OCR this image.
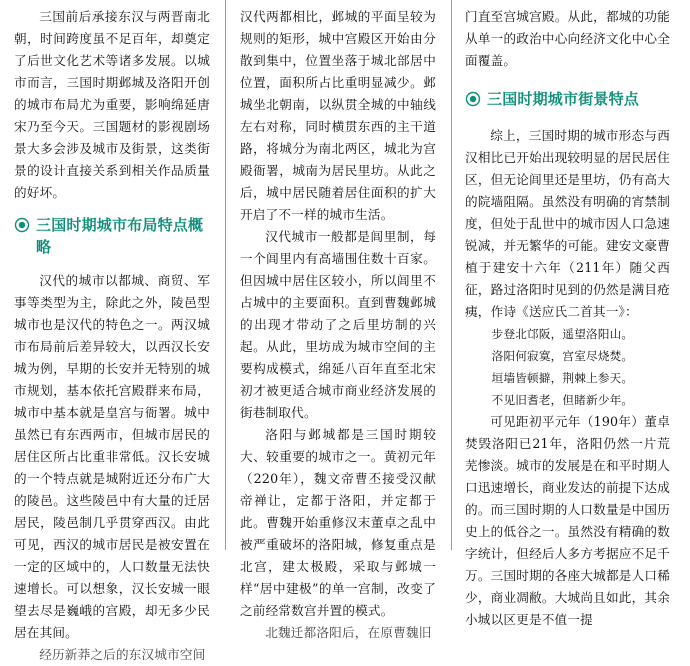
三国前后承接东汉与两晋南北朝，时间跨度虽不足百年，却奠定了后世文化艺术等诸多发展。以城市而言，三国时期邺城及洛阳开创的城市布局尤为重要，影响绵延唐宋乃至今天。三国题材的影视剧场景大多会涉及城市及街景，这类街景的设计直接关系到相关作品质量的好坏。

三国时期城市布局特点概略

汉代的城市以都城、商贸、军事等类型为主，除此之外，陵邑型城市也是汉代的特色之一。两汉城市布局前后差异较大，以西汉长安城为例，早期的长安并无特别的城市规划，基本依托宫殿群来布局，城市中基本就是皇宫与衙署。城中虽然已有东西两市，但城市居民的居住区所占比重非常低。汉长安城的一个特点就是城附近还分布广大的陵邑。这些陵邑中有大量的迁居居民，陵邑制几乎贯穿西汉。由此可见，西汉的城市居民是被安置在一定的区域中的，人口数量无法快速增长。可以想象，汉长安城一眼望去尽是巍峨的宫殿，却无多少民居在其间。

经历新莽之后的东汉城市空间

汉代两都相比，邺城的平面呈较为规则的矩形，城中宫殿区开始由分散到集中，位置坐落于城北部居中位置，面积所占比重明显减少。邺城坐北朝南，以纵贯全城的中轴线左右对称，同时横贯东西的主干道路，将城分为南北两区，城北为宫殿衙署，城南为居民里坊。从此之后，城中居民随着居住面积的扩大开启了不一样的城市生活。

汉代城市一般都是闾里制，每一个闾里内有高墙围住数十百家。但因城中居住区较小，所以闾里不占城中的主要面积。直到曹魏邺城的出现才带动了之后里坊制的兴起。从此，里坊成为城市空间的主要构成模式，绵延八百年直至北宋初才被更适合城市商业经济发展的街巷制取代。

洛阳与邺城都是三国时期较大、较重要的城市之一。黄初元年（220年），魏文帝曹丕接受汉献帝禅让，定都于洛阳，并定都于此。曹魏开始重修汉末董卓之乱中被严重破坏的洛阳城，修复重点是北宫，建太极殿，采取与邺城一样“居中建极”的单一宫制，改变了之前经常数宫并置的模式。

北魏迁都洛阳后，在原曹魏旧

门直至宫城宫殿。从此，都城的功能从单一的政治中心向经济文化中心全面覆盖。

三国时期城市街景特点

综上，三国时期的城市形态与西汉相比已开始出现较明显的居民居住区，但无论闾里还是里坊，仍有高大的院墙阻隔。虽然没有明确的宵禁制度，但处于乱世中的城市因人口急速锐减，并无繁华的可能。建安文豪曹植于建安十六年（211年）随父西征，路过洛阳时见到的仍然是满目疮痍，作诗《送应氏二首其一》：

步登北邙阪，遥望洛阳山。

洛阳何寂寞，宫室尽烧焚。

垣墙皆顿擗，荆棘上参天。

不见旧耆老，但睹新少年。

可见距初平元年（190年）董卓焚毁洛阳已21年，洛阳仍然一片荒芜惨淡。城市的发展是在和平时期人口迅速增长，商业发达的前提下达成的。而三国时期的人口数量是中国历史上的低谷之一。虽然没有精确的数字统计，但经后人多方考据应不足千万。三国时期的各座大城都是人口稀少，商业凋敝。大城尚且如此，其余小城以区更是不值一提
